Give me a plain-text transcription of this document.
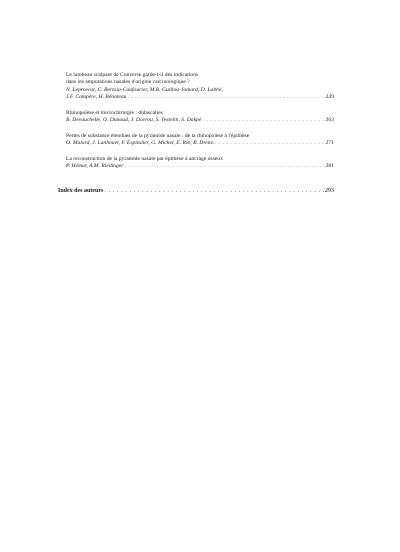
Le lambeau scalpant de Converse garde-t-il des indications
dans les amputations nasales d'origine carcinologique ?
N. Leprovost, C. Bertoia-Caufourier, M.R. Guillou-Jamard, D. Labbé,
J.F. Compère, H. Bénateau . . .	249
Rhinopoïèse et microchirurgie : didascalies
B. Devauchelle, O. Dunaud, J. Davrou, S. Testelin, S. Dakpé . . .	263
Pertes de substance étendues de la pyramide nasale : de la rhinopoïèse à l'épithèse
O. Malard, J. Lanhouet, F. Espitalier, G. Michel, E. Rio, B. Dreno . . .	271
La reconstruction de la pyramide nasale par épithèse à ancrage osseux
P. Hémar, A.M. Riedinger . . .	281
Index des auteurs . . .	293
